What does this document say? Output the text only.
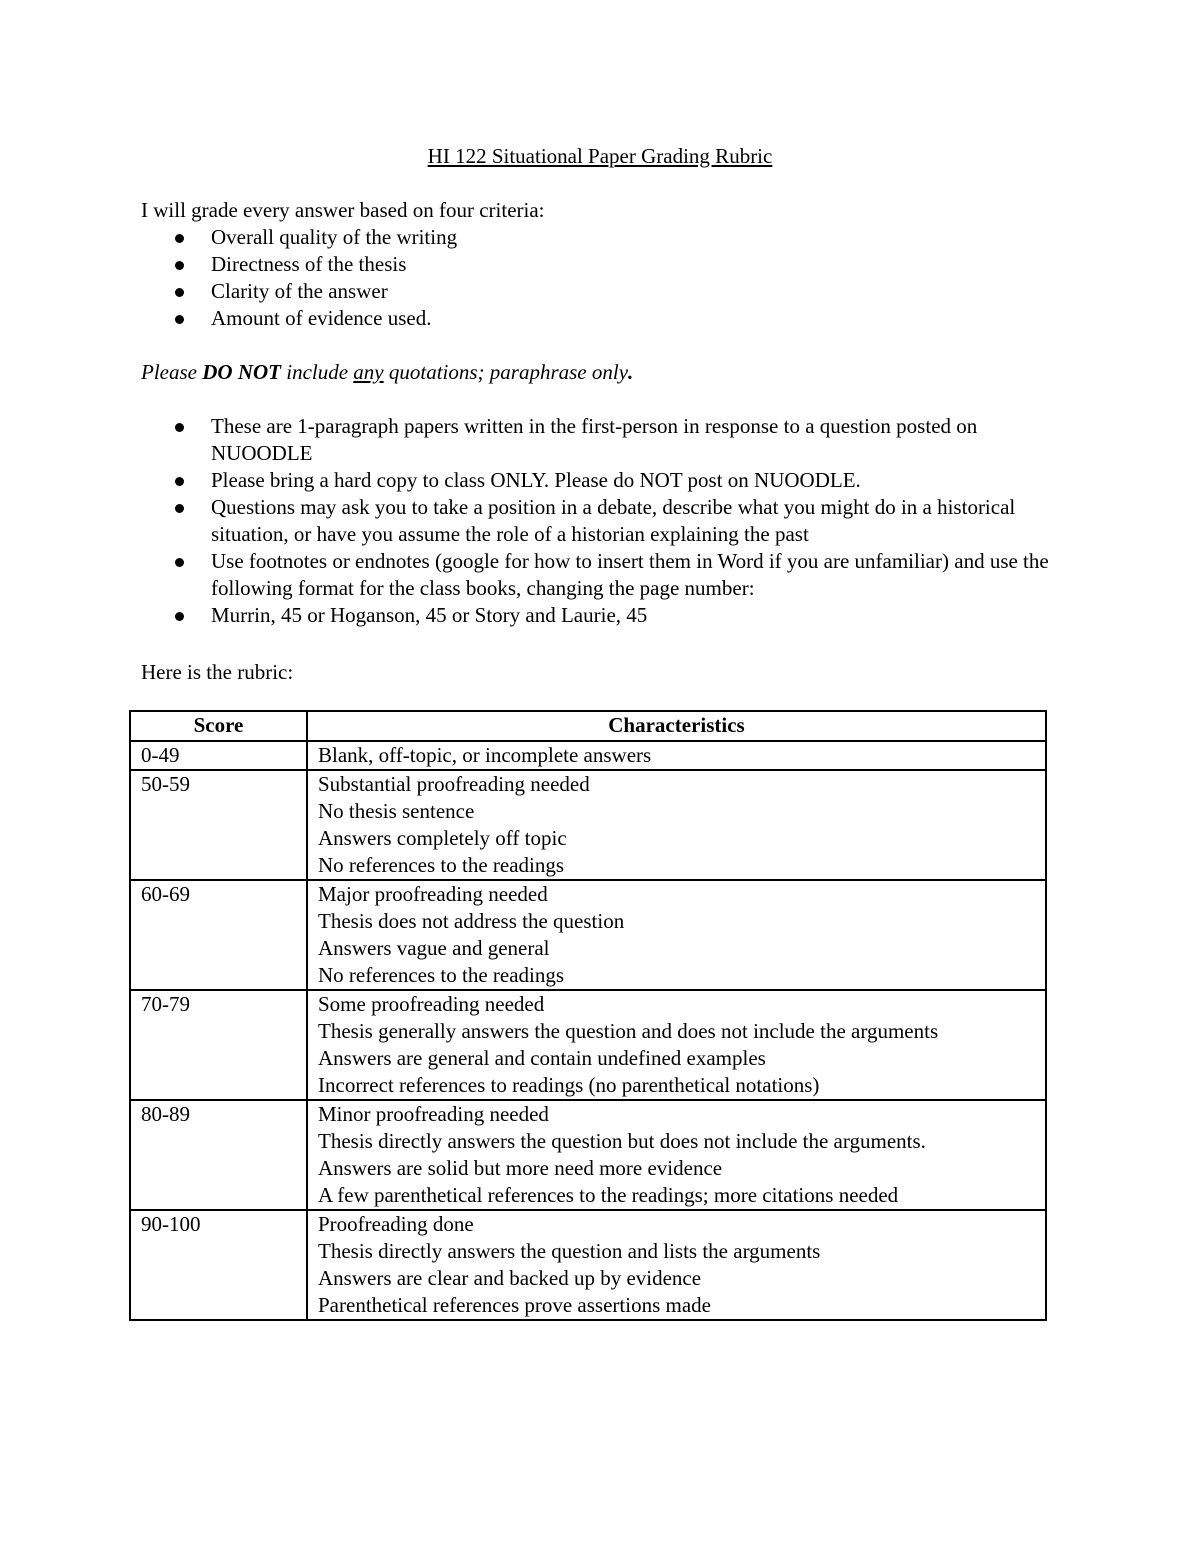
HI 122 Situational Paper Grading Rubric
I will grade every answer based on four criteria:
Overall quality of the writing
Directness of the thesis
Clarity of the answer
Amount of evidence used.
Please DO NOT include any quotations; paraphrase only.
These are 1-paragraph papers written in the first-person in response to a question posted on NUOODLE
Please bring a hard copy to class ONLY. Please do NOT post on NUOODLE.
Questions may ask you to take a position in a debate, describe what you might do in a historical situation, or have you assume the role of a historian explaining the past
Use footnotes or endnotes (google for how to insert them in Word if you are unfamiliar) and use the following format for the class books, changing the page number:
Murrin, 45 or Hoganson, 45 or Story and Laurie, 45
Here is the rubric:
Score	Characteristics
0-49	Blank, off-topic, or incomplete answers

50-59	Substantial proofreading needed
No thesis sentence
Answers completely off topic
No references to the readings

60-69	Major proofreading needed
Thesis does not address the question
Answers vague and general
No references to the readings

70-79	Some proofreading needed
Thesis generally answers the question and does not include the arguments
Answers are general and contain undefined examples
Incorrect references to readings (no parenthetical notations)

80-89	Minor proofreading needed
Thesis directly answers the question but does not include the arguments.
Answers are solid but more need more evidence
A few parenthetical references to the readings; more citations needed

90-100	Proofreading done
Thesis directly answers the question and lists the arguments
Answers are clear and backed up by evidence
Parenthetical references prove assertions made
